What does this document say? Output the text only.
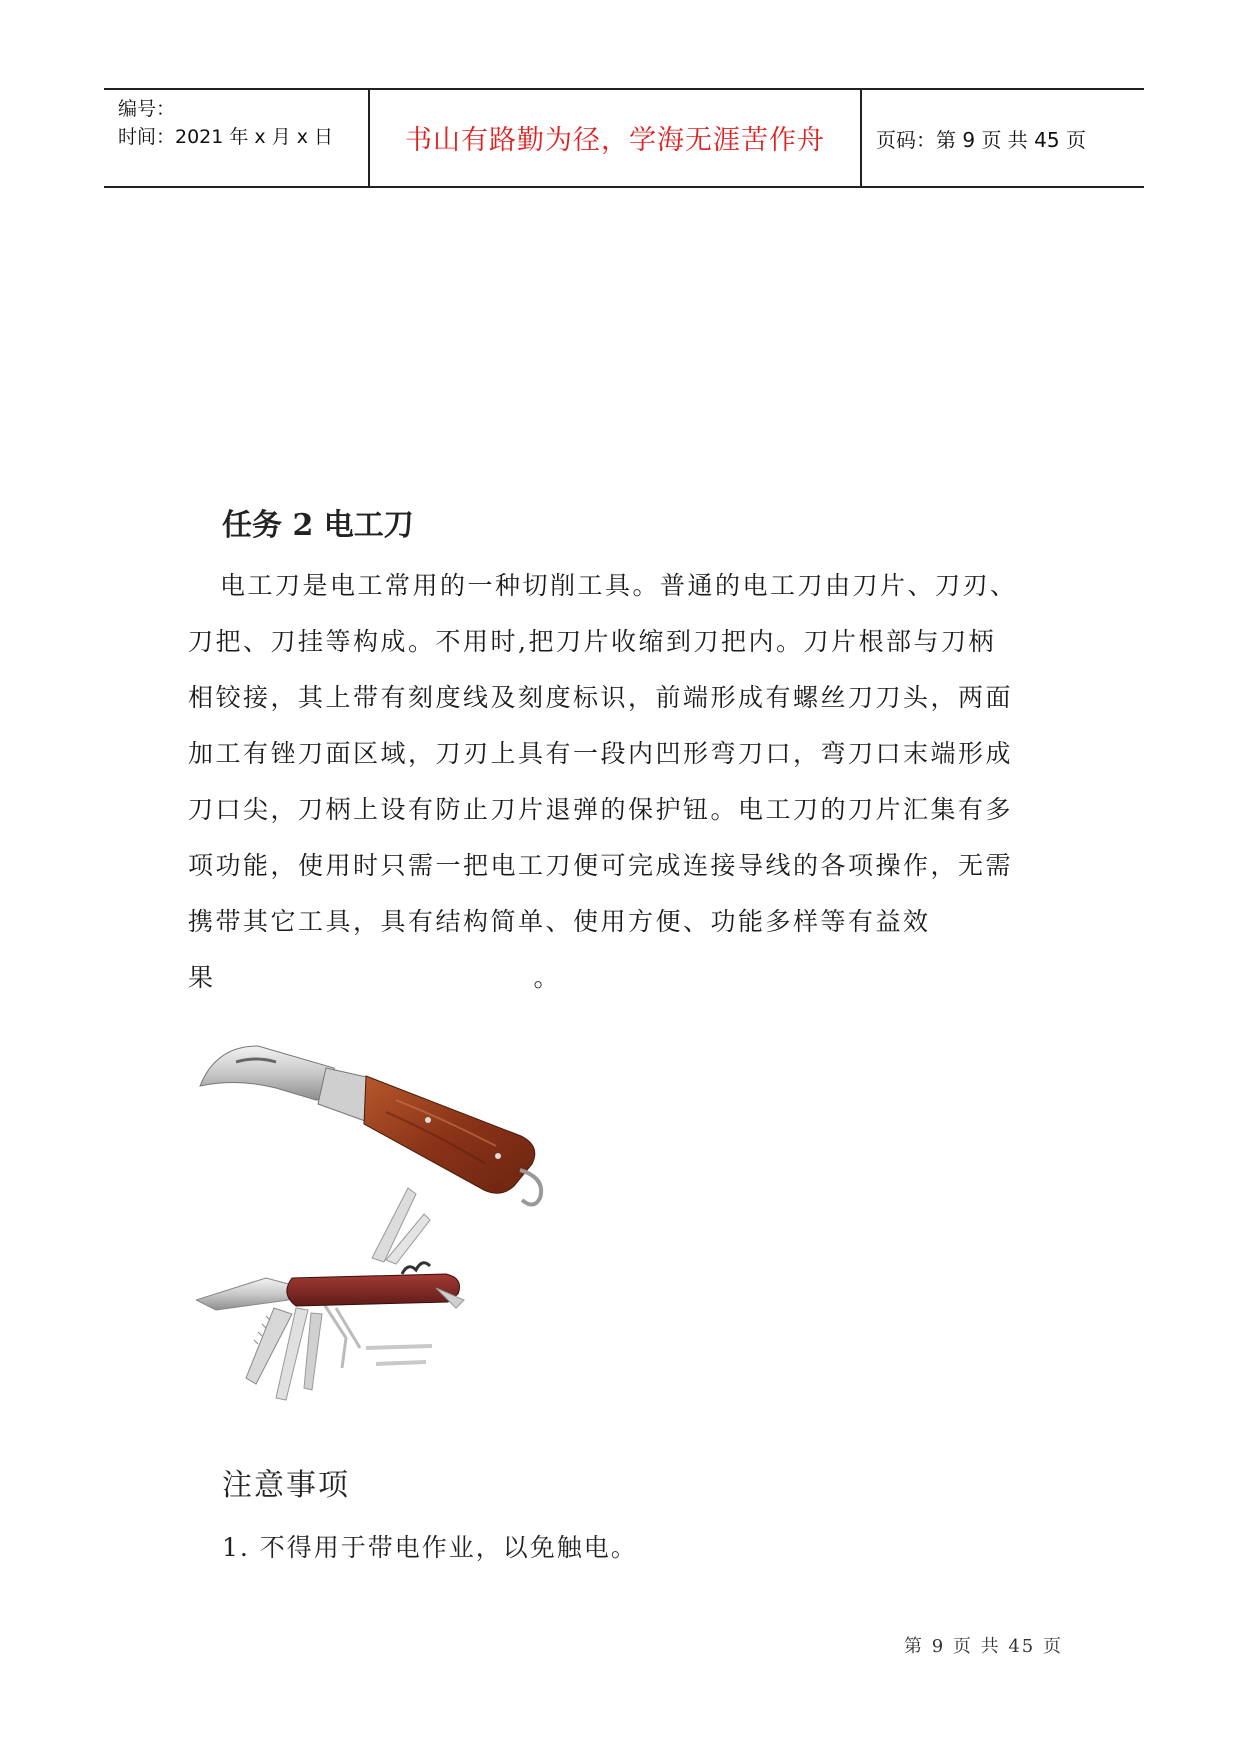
编号：
时间：2021 年 x 月 x 日	书山有路勤为径，学海无涯苦作舟	页码：第 9 页 共 45 页
任务 2 电工刀
电工刀是电工常用的一种切削工具。普通的电工刀由刀片、刀刃、
刀把、刀挂等构成。不用时,把刀片收缩到刀把内。刀片根部与刀柄
相铰接，其上带有刻度线及刻度标识，前端形成有螺丝刀刀头，两面
加工有锉刀面区域，刀刃上具有一段内凹形弯刀口，弯刀口末端形成
刀口尖，刀柄上设有防止刀片退弹的保护钮。电工刀的刀片汇集有多
项功能，使用时只需一把电工刀便可完成连接导线的各项操作，无需
携带其它工具，具有结构简单、使用方便、功能多样等有益效
果	。
注意事项
1. 不得用于带电作业，以免触电。
第 9 页 共 45 页
